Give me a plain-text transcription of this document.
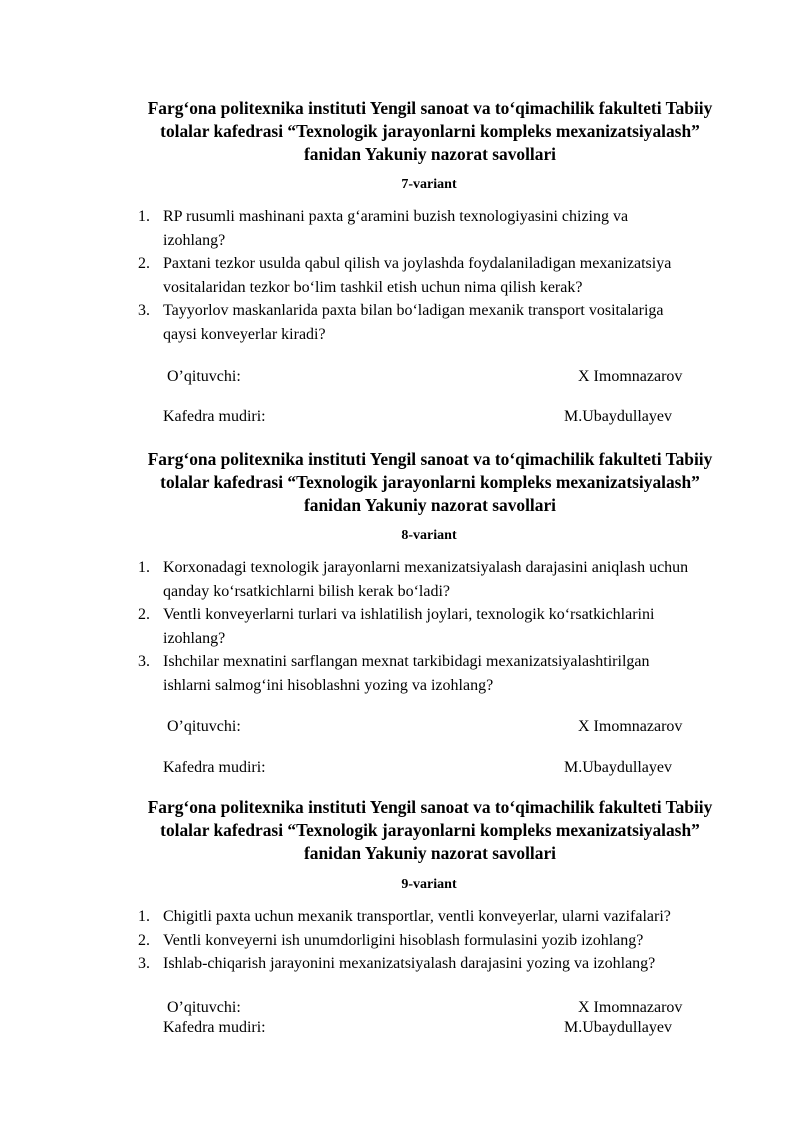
Farg‘ona politexnika instituti Yengil sanoat va to‘qimachilik fakulteti Tabiiy
tolalar kafedrasi “Texnologik jarayonlarni kompleks mexanizatsiyalash”
fanidan Yakuniy nazorat savollari
7-variant
1. RP rusumli mashinani paxta g‘aramini buzish texnologiyasini chizing va
izohlang?
2. Paxtani tezkor usulda qabul qilish va joylashda foydalaniladigan mexanizatsiya
vositalaridan tezkor bo‘lim tashkil etish uchun nima qilish kerak?
3. Tayyorlov maskanlarida paxta bilan bo‘ladigan mexanik transport vositalariga
qaysi konveyerlar kiradi?
O’qituvchi:	X Imomnazarov
Kafedra mudiri:	M.Ubaydullayev
Farg‘ona politexnika instituti Yengil sanoat va to‘qimachilik fakulteti Tabiiy
tolalar kafedrasi “Texnologik jarayonlarni kompleks mexanizatsiyalash”
fanidan Yakuniy nazorat savollari
8-variant
1. Korxonadagi texnologik jarayonlarni mexanizatsiyalash darajasini aniqlash uchun
qanday ko‘rsatkichlarni bilish kerak bo‘ladi?
2. Ventli konveyerlarni turlari va ishlatilish joylari, texnologik ko‘rsatkichlarini
izohlang?
3. Ishchilar mexnatini sarflangan mexnat tarkibidagi mexanizatsiyalashtirilgan
ishlarni salmog‘ini hisoblashni yozing va izohlang?
O’qituvchi:	X Imomnazarov
Kafedra mudiri:	M.Ubaydullayev
Farg‘ona politexnika instituti Yengil sanoat va to‘qimachilik fakulteti Tabiiy
tolalar kafedrasi “Texnologik jarayonlarni kompleks mexanizatsiyalash”
fanidan Yakuniy nazorat savollari
9-variant
1. Chigitli paxta uchun mexanik transportlar, ventli konveyerlar, ularni vazifalari?
2. Ventli konveyerni ish unumdorligini hisoblash formulasini yozib izohlang?
3. Ishlab-chiqarish jarayonini mexanizatsiyalash darajasini yozing va izohlang?
O’qituvchi:	X Imomnazarov
Kafedra mudiri:	M.Ubaydullayev
